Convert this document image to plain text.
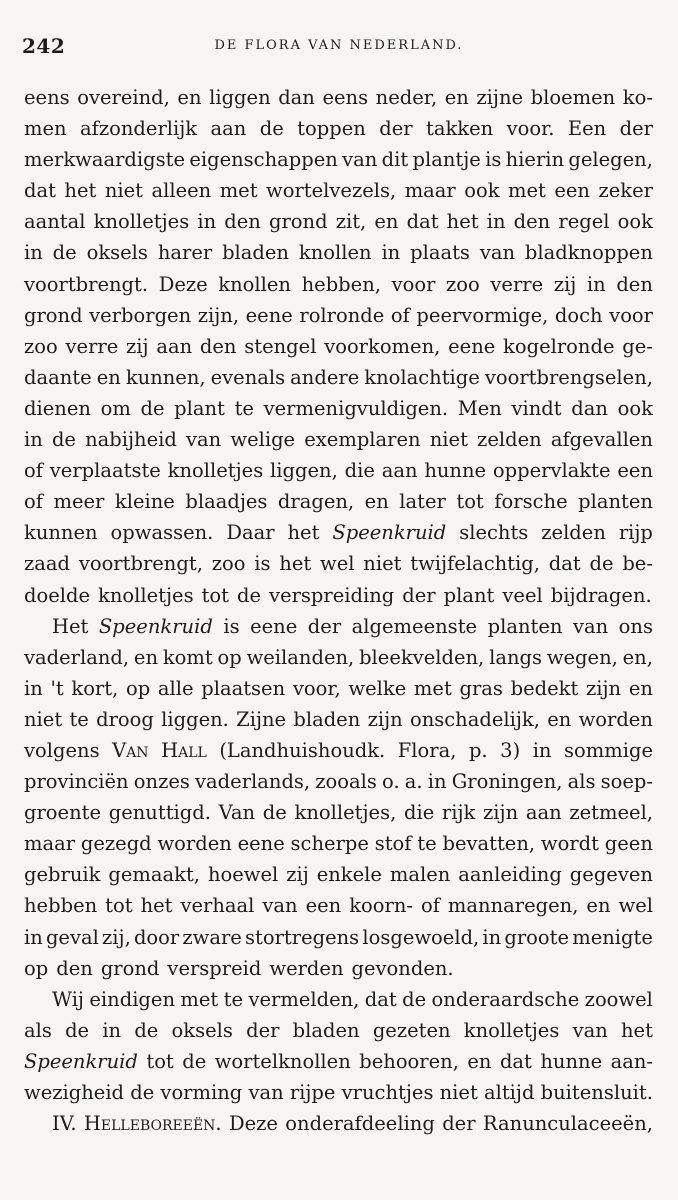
242	DE FLORA VAN NEDERLAND.
eens overeind, en liggen dan eens neder, en zijne bloemen ko-
men afzonderlijk aan de toppen der takken voor. Een der
merkwaardigste eigenschappen van dit plantje is hierin gelegen,
dat het niet alleen met wortelvezels, maar ook met een zeker
aantal knolletjes in den grond zit, en dat het in den regel ook
in de oksels harer bladen knollen in plaats van bladknoppen
voortbrengt. Deze knollen hebben, voor zoo verre zij in den
grond verborgen zijn, eene rolronde of peervormige, doch voor
zoo verre zij aan den stengel voorkomen, eene kogelronde ge-
daante en kunnen, evenals andere knolachtige voortbrengselen,
dienen om de plant te vermenigvuldigen. Men vindt dan ook
in de nabijheid van welige exemplaren niet zelden afgevallen
of verplaatste knolletjes liggen, die aan hunne oppervlakte een
of meer kleine blaadjes dragen, en later tot forsche planten
kunnen opwassen. Daar het Speenkruid slechts zelden rijp
zaad voortbrengt, zoo is het wel niet twijfelachtig, dat de be-
doelde knolletjes tot de verspreiding der plant veel bijdragen.
Het Speenkruid is eene der algemeenste planten van ons
vaderland, en komt op weilanden, bleekvelden, langs wegen, en,
in 't kort, op alle plaatsen voor, welke met gras bedekt zijn en
niet te droog liggen. Zijne bladen zijn onschadelijk, en worden
volgens Van Hall (Landhuishoudk. Flora, p. 3) in sommige
provinciën onzes vaderlands, zooals o. a. in Groningen, als soep-
groente genuttigd. Van de knolletjes, die rijk zijn aan zetmeel,
maar gezegd worden eene scherpe stof te bevatten, wordt geen
gebruik gemaakt, hoewel zij enkele malen aanleiding gegeven
hebben tot het verhaal van een koorn- of mannaregen, en wel
in geval zij, door zware stortregens losgewoeld, in groote menigte
op den grond verspreid werden gevonden.
Wij eindigen met te vermelden, dat de onderaardsche zoowel
als de in de oksels der bladen gezeten knolletjes van het
Speenkruid tot de wortelknollen behooren, en dat hunne aan-
wezigheid de vorming van rijpe vruchtjes niet altijd buitensluit.
IV. Helleboreeën. Deze onderafdeeling der Ranunculaceeën,
